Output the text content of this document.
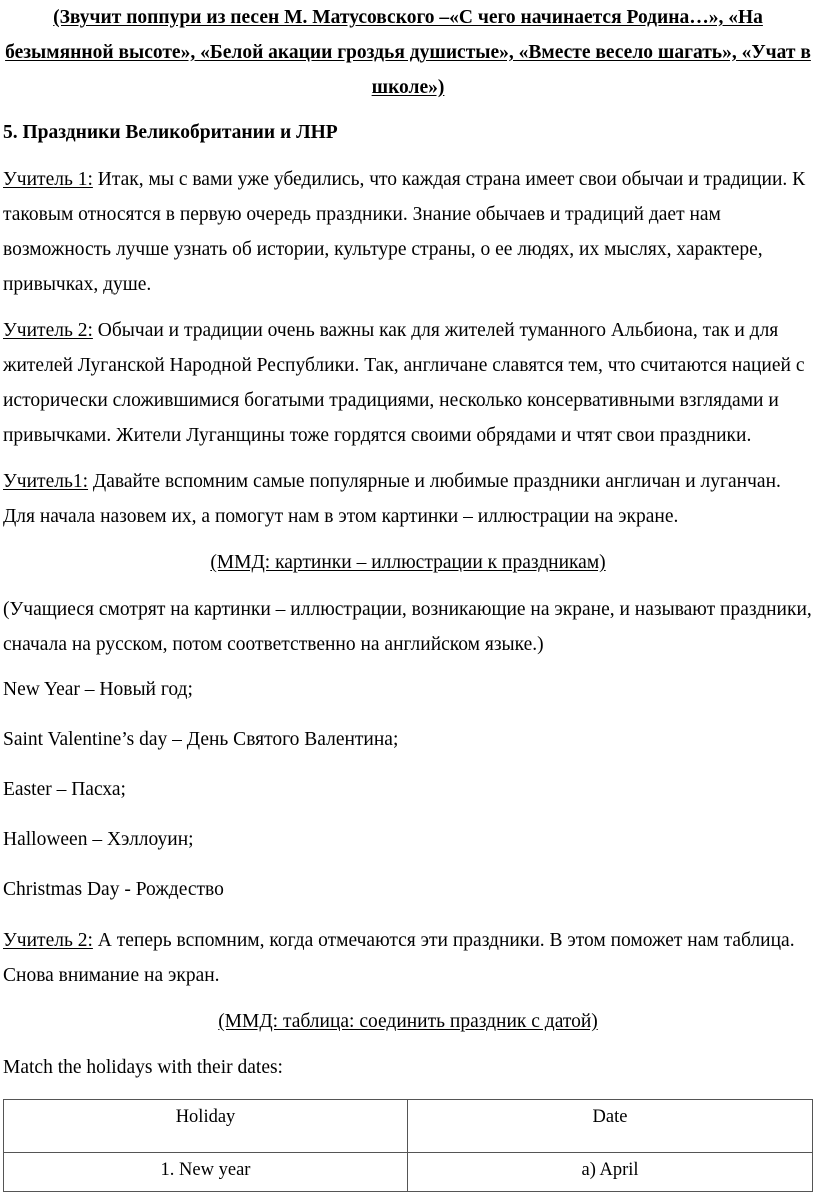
(Звучит поппури из песен М. Матусовского –«С чего начинается Родина…», «На безымянной высоте», «Белой акации гроздья душистые», «Вместе весело шагать», «Учат в школе»)

5. Праздники Великобритании и ЛНР

Учитель 1: Итак, мы с вами уже убедились, что каждая страна имеет свои обычаи и традиции. К таковым относятся в первую очередь праздники. Знание обычаев и традиций дает нам возможность лучше узнать об истории, культуре страны, о ее людях, их мыслях, характере, привычках, душе.

Учитель 2: Обычаи и традиции очень важны как для жителей туманного Альбиона, так и для жителей Луганской Народной Республики. Так, англичане славятся тем, что считаются нацией с исторически сложившимися богатыми традициями, несколько консервативными взглядами и привычками. Жители Луганщины тоже гордятся своими обрядами и чтят свои праздники.

Учитель1: Давайте вспомним самые популярные и любимые праздники англичан и луганчан. Для начала назовем их, а помогут нам в этом картинки – иллюстрации на экране.

(ММД: картинки – иллюстрации к праздникам)

(Учащиеся смотрят на картинки – иллюстрации, возникающие на экране, и называют праздники, сначала на русском, потом соответственно на английском языке.)

New Year – Новый год;

Saint Valentine’s day – День Святого Валентина;

Easter – Пасха;

Halloween – Хэллоуин;

Christmas Day - Рождество

Учитель 2: А теперь вспомним, когда отмечаются эти праздники. В этом поможет нам таблица. Снова внимание на экран.

(ММД: таблица: соединить праздник с датой)

Match the holidays with their dates:

Holiday	Date
1. New year	a) April
